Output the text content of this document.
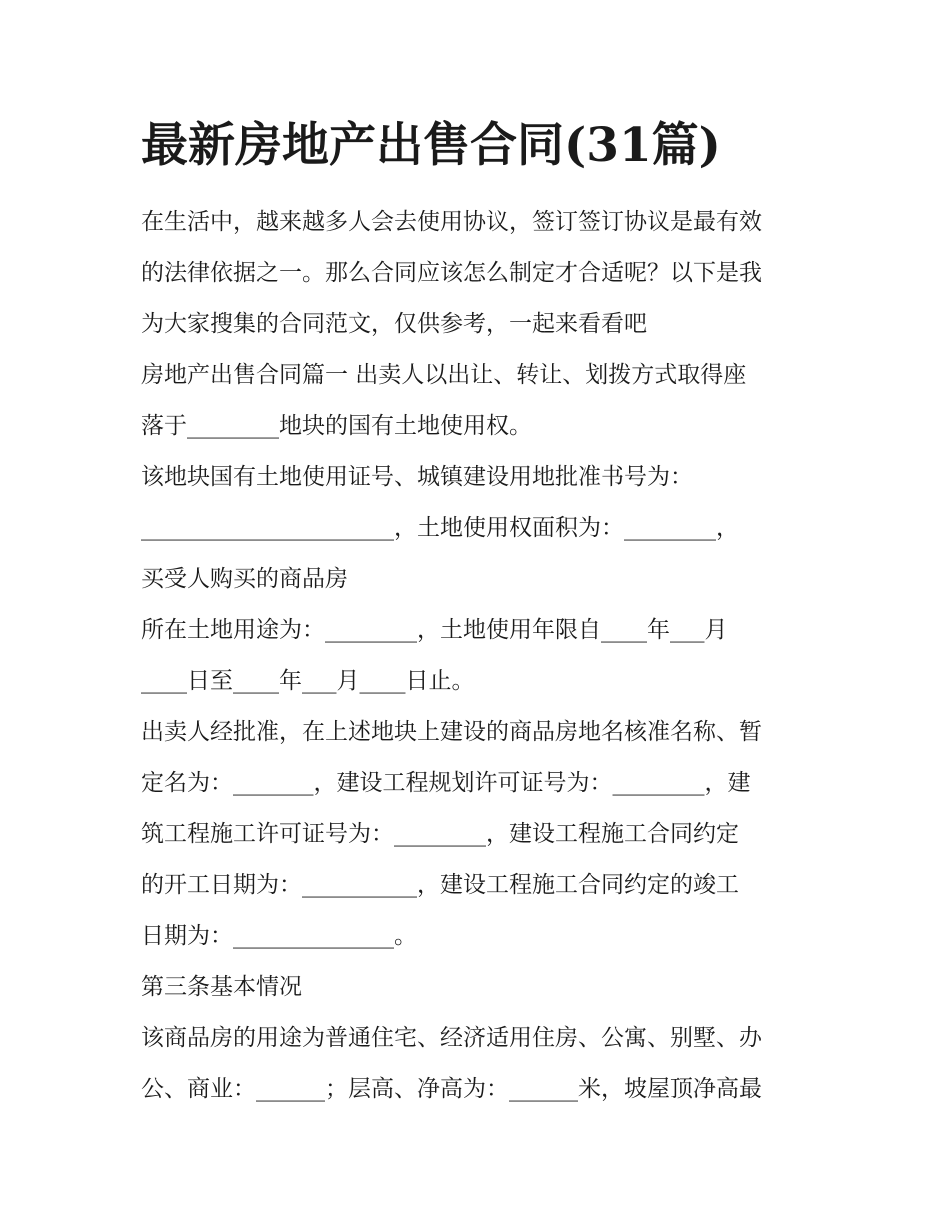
最新房地产出售合同(31篇)
在生活中，越来越多人会去使用协议，签订签订协议是最有效
的法律依据之一。那么合同应该怎么制定才合适呢？以下是我
为大家搜集的合同范文，仅供参考，一起来看看吧
房地产出售合同篇一 出卖人以出让、转让、划拨方式取得座
落于________地块的国有土地使用权。
该地块国有土地使用证号、城镇建设用地批准书号为：
______________________，土地使用权面积为：________，
买受人购买的商品房
所在土地用途为：________，土地使用年限自____年___月
____日至____年___月____日止。
出卖人经批准，在上述地块上建设的商品房地名核准名称、暂
定名为：_______，建设工程规划许可证号为：________，建
筑工程施工许可证号为：________，建设工程施工合同约定
的开工日期为：__________，建设工程施工合同约定的竣工
日期为：______________。
第三条基本情况
该商品房的用途为普通住宅、经济适用住房、公寓、别墅、办
公、商业：______；层高、净高为：______米，坡屋顶净高最
